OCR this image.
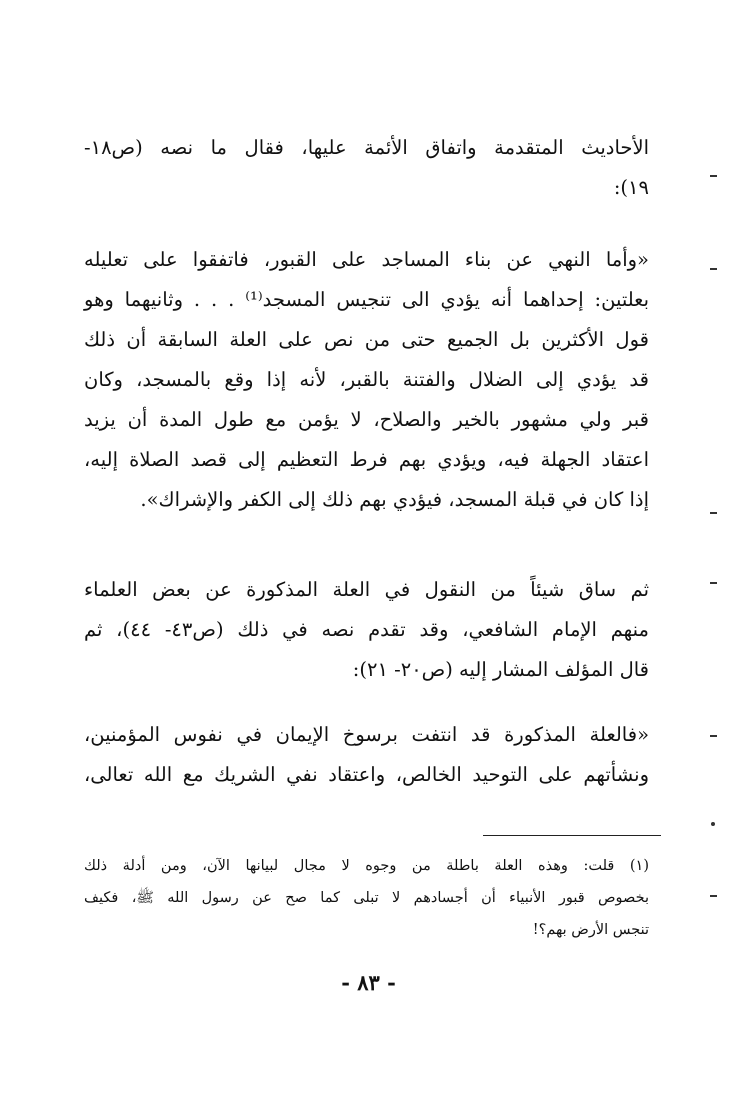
الأحاديث المتقدمة واتفاق الأئمة عليها، فقال ما نصه (ص١٨-
١٩):

«وأما النهي عن بناء المساجد على القبور، فاتفقوا على تعليله
بعلتين: إحداهما أنه يؤدي الى تنجيس المسجد⁽¹⁾ . . . وثانيهما وهو
قول الأكثرين بل الجميع حتى من نص على العلة السابقة أن ذلك
قد يؤدي إلى الضلال والفتنة بالقبر، لأنه إذا وقع بالمسجد، وكان
قبر ولي مشهور بالخير والصلاح، لا يؤمن مع طول المدة أن يزيد
اعتقاد الجهلة فيه، ويؤدي بهم فرط التعظيم إلى قصد الصلاة إليه،
إذا كان في قبلة المسجد، فيؤدي بهم ذلك إلى الكفر والإشراك».

ثم ساق شيئاً من النقول في العلة المذكورة عن بعض العلماء
منهم الإمام الشافعي، وقد تقدم نصه في ذلك (ص٤٣- ٤٤)، ثم
قال المؤلف المشار إليه (ص٢٠- ٢١):

«فالعلة المذكورة قد انتفت برسوخ الإيمان في نفوس المؤمنين،
ونشأتهم على التوحيد الخالص، واعتقاد نفي الشريك مع الله تعالى،

(١) قلت: وهذه العلة باطلة من وجوه لا مجال لبيانها الآن، ومن أدلة ذلك
بخصوص قبور الأنبياء أن أجسادهم لا تبلى كما صح عن رسول الله ﷺ، فكيف
تنجس الأرض بهم؟!

- ٨٣ -
